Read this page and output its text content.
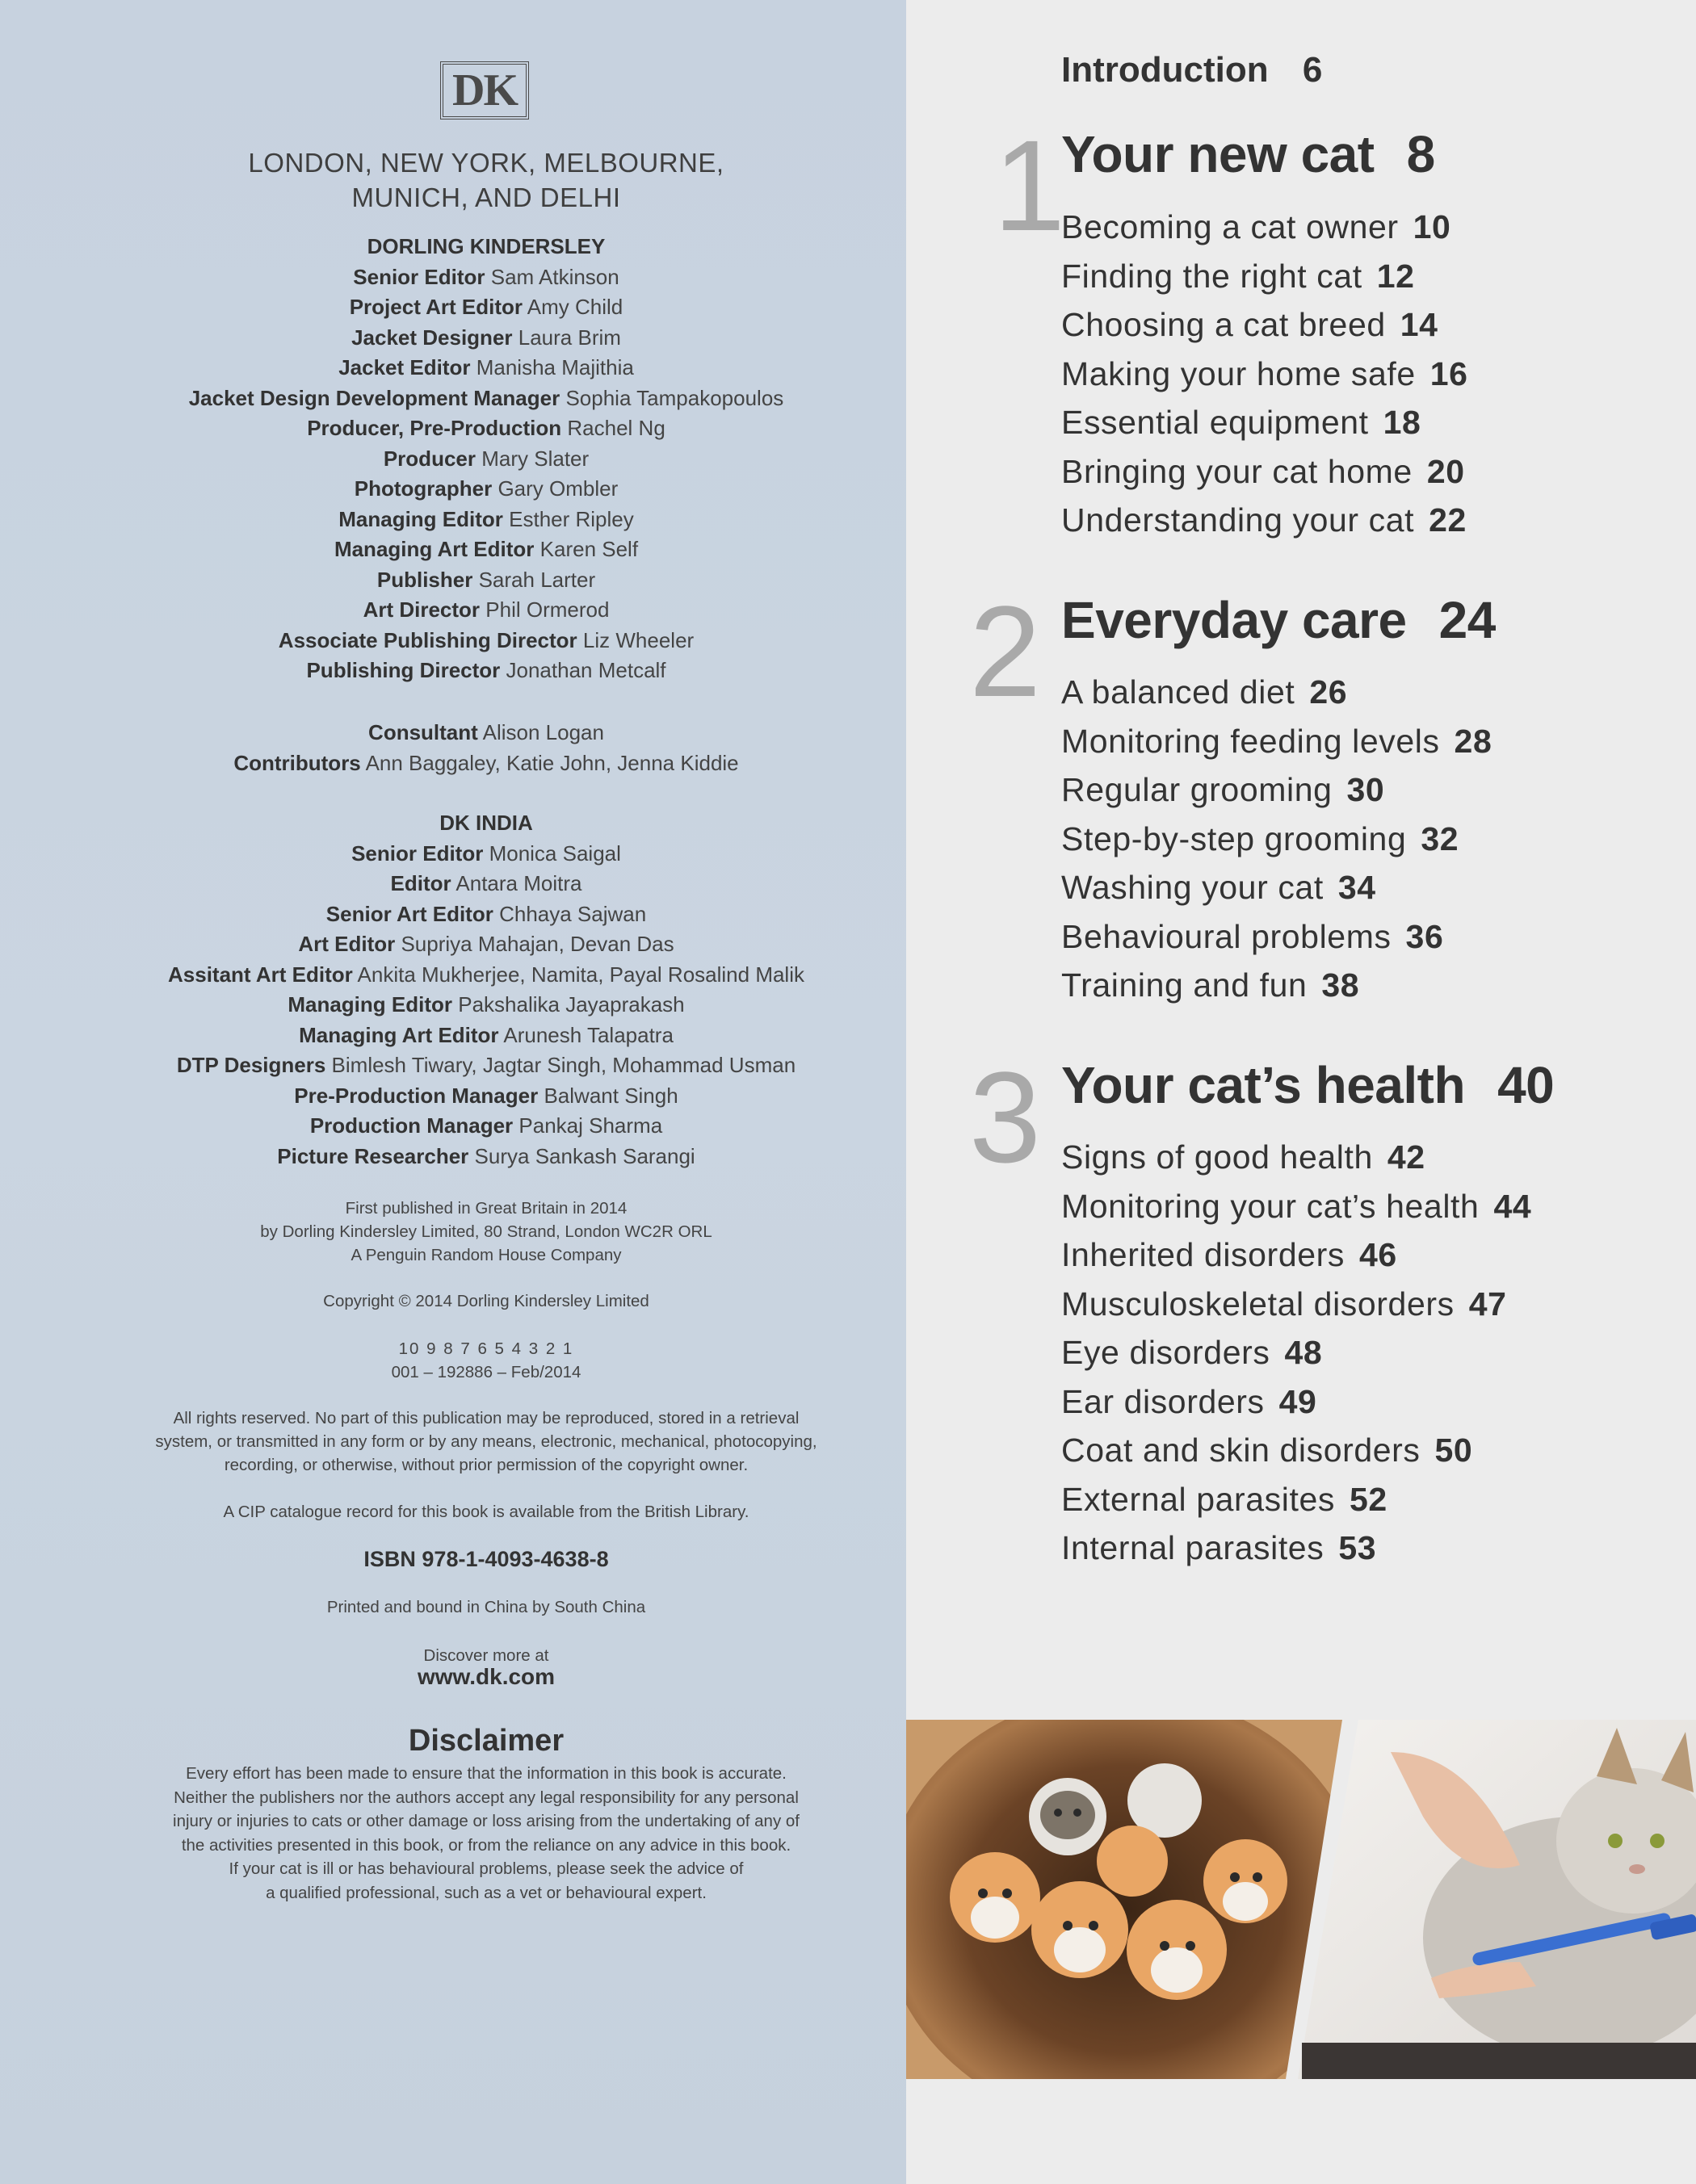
DK
LONDON, NEW YORK, MELBOURNE,
MUNICH, AND DELHI
DORLING KINDERSLEY
Senior Editor Sam Atkinson
Project Art Editor Amy Child
Jacket Designer Laura Brim
Jacket Editor Manisha Majithia
Jacket Design Development Manager Sophia Tampakopoulos
Producer, Pre-Production Rachel Ng
Producer Mary Slater
Photographer Gary Ombler
Managing Editor Esther Ripley
Managing Art Editor Karen Self
Publisher Sarah Larter
Art Director Phil Ormerod
Associate Publishing Director Liz Wheeler
Publishing Director Jonathan Metcalf
Consultant Alison Logan
Contributors Ann Baggaley, Katie John, Jenna Kiddie
DK INDIA
Senior Editor Monica Saigal
Editor Antara Moitra
Senior Art Editor Chhaya Sajwan
Art Editor Supriya Mahajan, Devan Das
Assitant Art Editor Ankita Mukherjee, Namita, Payal Rosalind Malik
Managing Editor Pakshalika Jayaprakash
Managing Art Editor Arunesh Talapatra
DTP Designers Bimlesh Tiwary, Jagtar Singh, Mohammad Usman
Pre-Production Manager Balwant Singh
Production Manager Pankaj Sharma
Picture Researcher Surya Sankash Sarangi
First published in Great Britain in 2014
by Dorling Kindersley Limited, 80 Strand, London WC2R ORL
A Penguin Random House Company
Copyright © 2014 Dorling Kindersley Limited
10 9 8 7 6 5 4 3 2 1
001 – 192886 – Feb/2014
All rights reserved. No part of this publication may be reproduced, stored in a retrieval
system, or transmitted in any form or by any means, electronic, mechanical, photocopying,
recording, or otherwise, without prior permission of the copyright owner.
A CIP catalogue record for this book is available from the British Library.
ISBN 978-1-4093-4638-8
Printed and bound in China by South China
Discover more at
www.dk.com
Disclaimer
Every effort has been made to ensure that the information in this book is accurate.
Neither the publishers nor the authors accept any legal responsibility for any personal
injury or injuries to cats or other damage or loss arising from the undertaking of any of
the activities presented in this book, or from the reliance on any advice in this book.
If your cat is ill or has behavioural problems, please seek the advice of
a qualified professional, such as a vet or behavioural expert.
Introduction 6
1
Your new cat 8
Becoming a cat owner 10
Finding the right cat 12
Choosing a cat breed 14
Making your home safe 16
Essential equipment 18
Bringing your cat home 20
Understanding your cat 22
2 Everyday care 24
A balanced diet 26
Monitoring feeding levels 28
Regular grooming 30
Step-by-step grooming 32
Washing your cat 34
Behavioural problems 36
Training and fun 38
3 Your cat’s health 40
Signs of good health 42
Monitoring your cat’s health 44
Inherited disorders 46
Musculoskeletal disorders 47
Eye disorders 48
Ear disorders 49
Coat and skin disorders 50
External parasites 52
Internal parasites 53
